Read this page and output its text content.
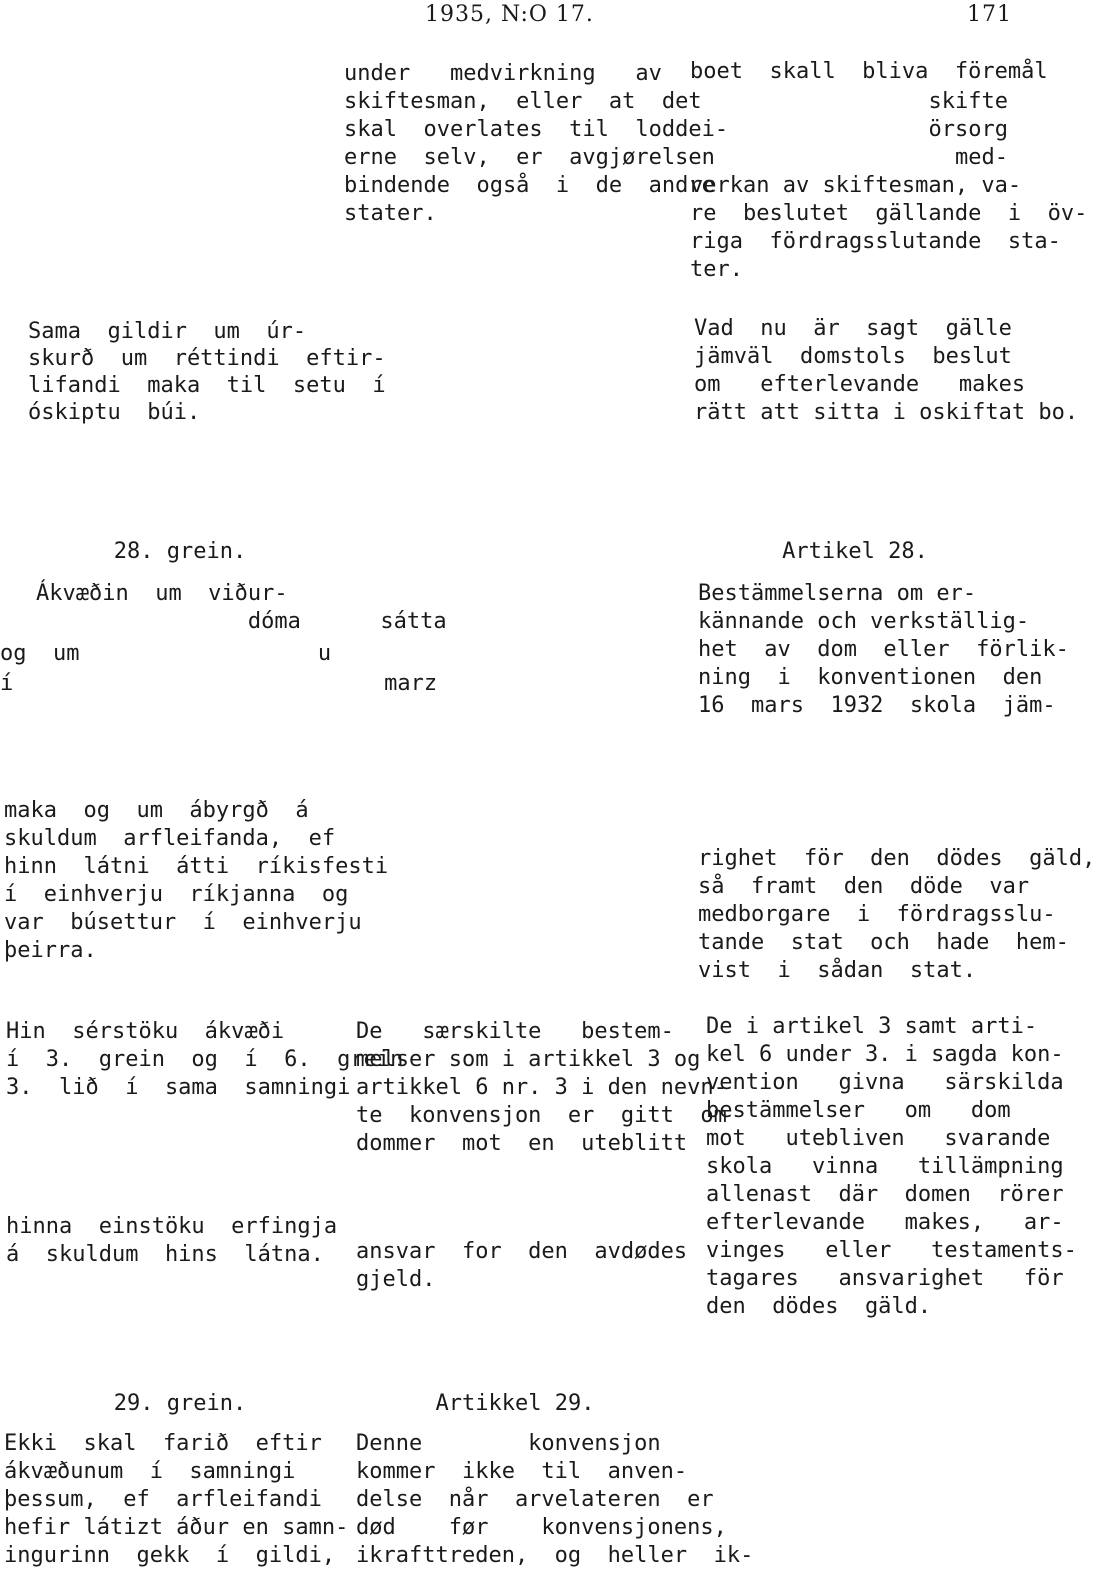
1935, N:O 17.	171
Sama  gildir  um  úr-
skurð  um  réttindi  eftir-
lifandi  maka  til  setu  í
óskiptu  búi.
28. grein.
Ákvæðin  um  viður-
dóma      sátta
og  um                  u
í                            marz
maka  og  um  ábyrgð  á
skuldum  arfleifanda,  ef
hinn  látni  átti  ríkisfesti
í  einhverju  ríkjanna  og
var  búsettur  í  einhverju
þeirra.
Hin  sérstöku  ákvæði
í  3.  grein  og  í  6.  grein
3.  lið  í  sama  samningi
hinna  einstöku  erfingja
á  skuldum  hins  látna.
29. grein.
Ekki  skal  farið  eftir
ákvæðunum  í  samningi
þessum,  ef  arfleifandi
hefir látizt áður en samn-
ingurinn  gekk  í  gildi,
under   medvirkning   av
skiftesman,  eller  at  det
skal  overlates  til  loddei-
erne  selv,  er  avgjørelsen
bindende  også  i  de  andre
stater.
De   særskilte   bestem-
melser som i artikkel 3 og
artikkel 6 nr. 3 i den nevn-
te  konvensjon  er  gitt  om
dommer  mot  en  uteblitt
ansvar  for  den  avdødes
gjeld.
Artikkel 29.
Denne        konvensjon
kommer  ikke  til  anven-
delse  når  arvelateren  er
død    før    konvensjonens,
ikrafttreden,  og  heller  ik-
boet  skall  bliva  föremål
skifte
örsorg
med-
verkan av skiftesman, va-
re  beslutet  gällande  i  öv-
riga  fördragsslutande  sta-
ter.
Vad  nu  är  sagt  gälle
jämväl  domstols  beslut
om   efterlevande   makes
rätt att sitta i oskiftat bo.
Artikel 28.
Bestämmelserna om er-
kännande och verkställig-
het  av  dom  eller  förlik-
ning  i  konventionen  den
16  mars  1932  skola  jäm-
righet  för  den  dödes  gäld,
så  framt  den  döde  var
medborgare  i  fördragsslu-
tande  stat  och  hade  hem-
vist  i  sådan  stat.
De i artikel 3 samt arti-
kel 6 under 3. i sagda kon-
vention   givna   särskilda
bestämmelser   om   dom
mot   utebliven   svarande
skola   vinna   tillämpning
allenast  där  domen  rörer
efterlevande   makes,   ar-
vinges   eller   testaments-
tagares   ansvarighet   för
den  dödes  gäld.
